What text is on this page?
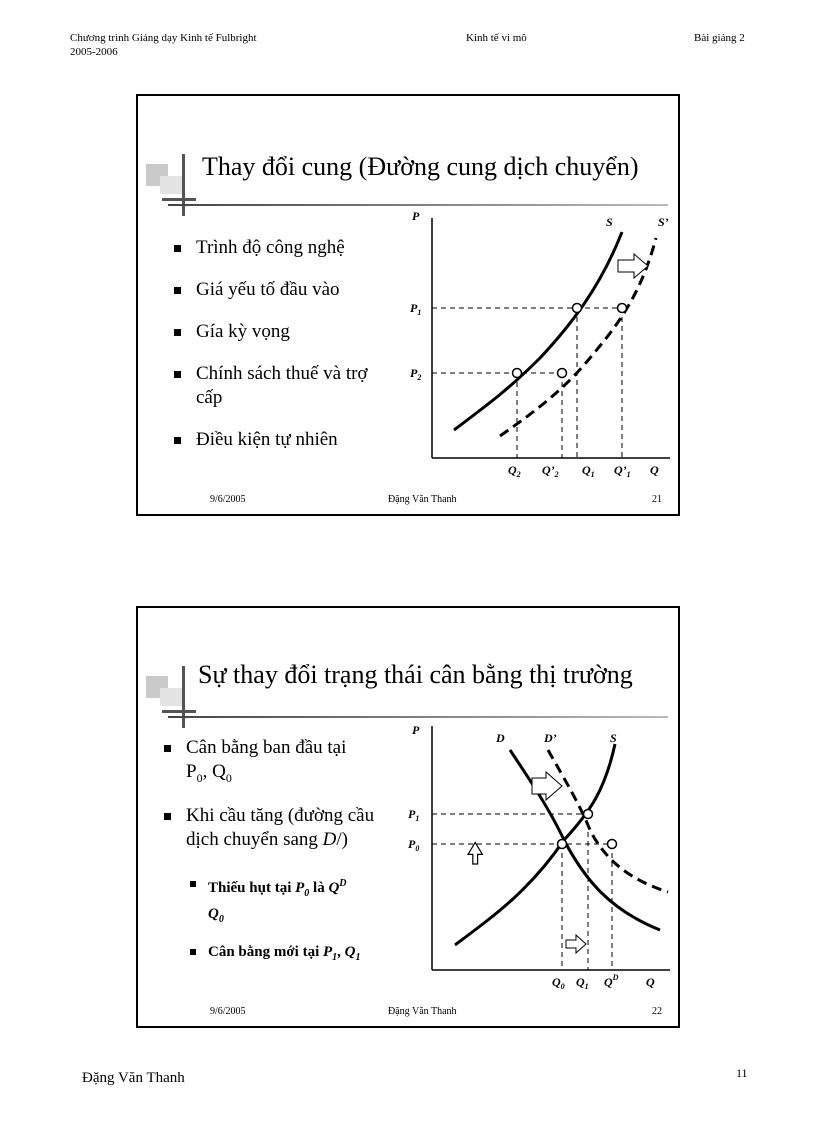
Chương trình Giảng dạy Kinh tế Fulbright
2005-2006
Kinh tế vi mô	Bài giảng 2
Thay đổi cung (Đường cung dịch chuyển)
Trình độ công nghệ
Giá yếu tố đầu vào
Gía kỳ vọng
Chính sách thuế và trợ cấp
Điều kiện tự nhiên
P
Q
S	S’
$P_1$
$P_2$
$Q_2$ $Q’_2$ $Q_1$ $Q’_1$
9/6/2005	Đặng Văn Thanh	21
Sự thay đổi trạng thái cân bằng thị trường
Cân bằng ban đầu tại
$P_0$, $Q_0$
Khi cầu tăng (đường cầu
dịch chuyển sang D/)
Thiếu hụt tại $P_0$ là $Q^D$
$Q_0$
Cân bằng mới tại $P_1$, $Q_1$
P
Q
D	D’	S
$P_1$
$P_0$
$Q_0$ $Q_1$ $Q^D$
9/6/2005	Đặng Văn Thanh	22
Đặng Văn Thanh	11
